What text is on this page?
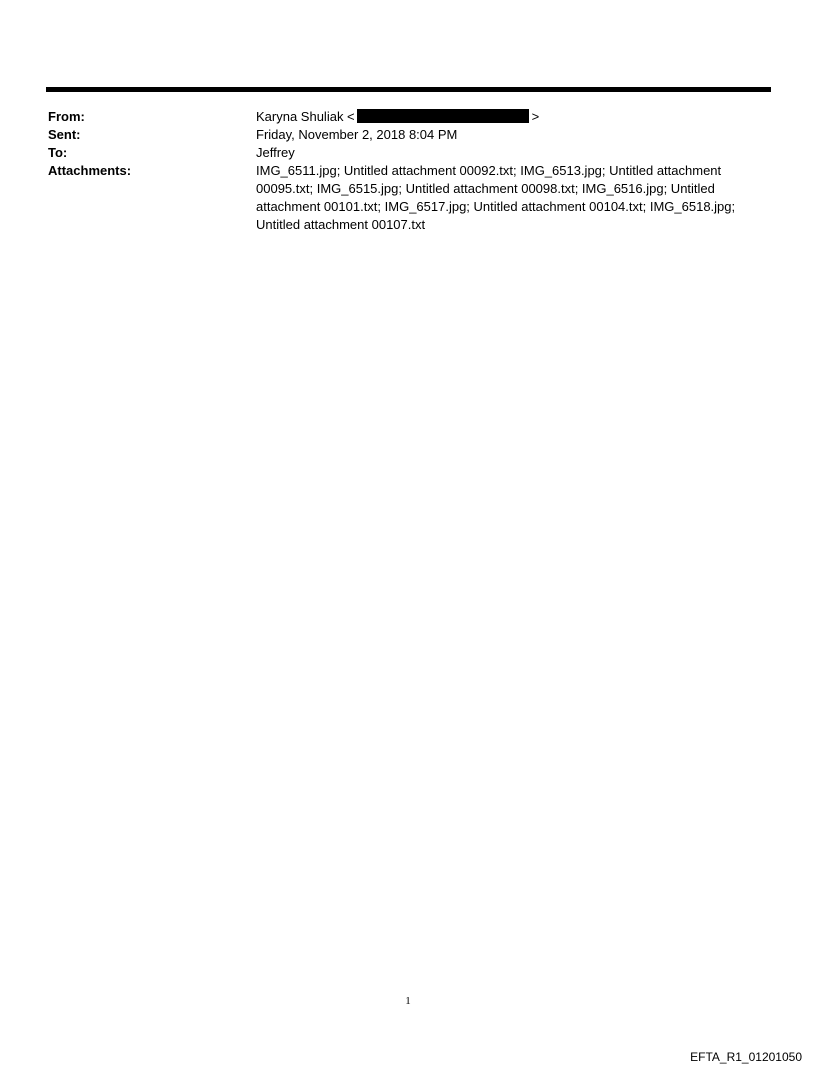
From:	Karyna Shuliak <	>
Sent:	Friday, November 2, 2018 8:04 PM
To:	Jeffrey
Attachments:	IMG_6511.jpg; Untitled attachment 00092.txt; IMG_6513.jpg; Untitled attachment 00095.txt; IMG_6515.jpg; Untitled attachment 00098.txt; IMG_6516.jpg; Untitled attachment 00101.txt; IMG_6517.jpg; Untitled attachment 00104.txt; IMG_6518.jpg; Untitled attachment 00107.txt
1
EFTA_R1_01201050
